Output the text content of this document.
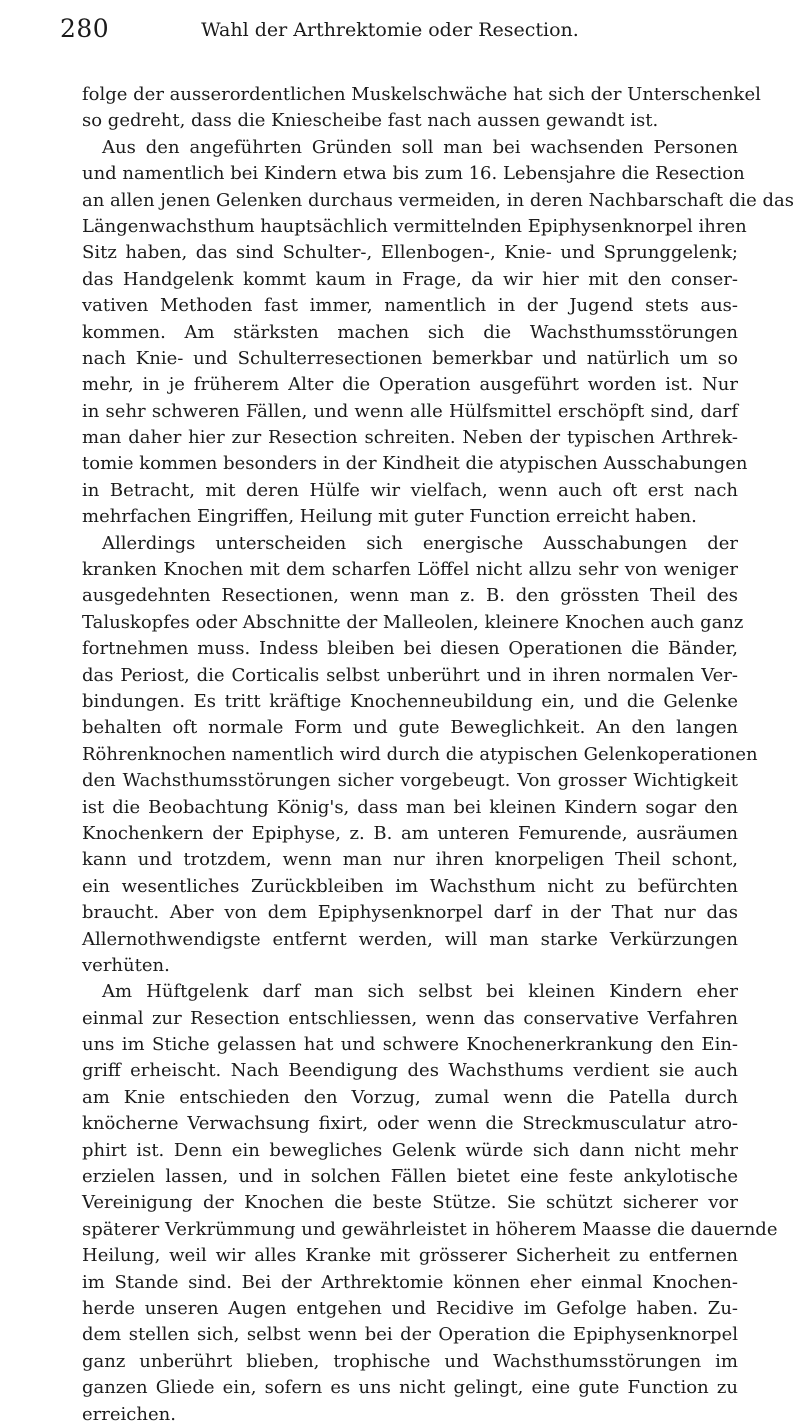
280	Wahl der Arthrektomie oder Resection.
folge der ausserordentlichen Muskelschwäche hat sich der Unterschenkel
so gedreht, dass die Kniescheibe fast nach aussen gewandt ist.
Aus den angeführten Gründen soll man bei wachsenden Personen
und namentlich bei Kindern etwa bis zum 16. Lebensjahre die Resection
an allen jenen Gelenken durchaus vermeiden, in deren Nachbarschaft die das
Längenwachsthum hauptsächlich vermittelnden Epiphysenknorpel ihren
Sitz haben, das sind Schulter-, Ellenbogen-, Knie- und Sprunggelenk;
das Handgelenk kommt kaum in Frage, da wir hier mit den conser-
vativen Methoden fast immer, namentlich in der Jugend stets aus-
kommen. Am stärksten machen sich die Wachsthumsstörungen
nach Knie- und Schulterresectionen bemerkbar und natürlich um so
mehr, in je früherem Alter die Operation ausgeführt worden ist. Nur
in sehr schweren Fällen, und wenn alle Hülfsmittel erschöpft sind, darf
man daher hier zur Resection schreiten. Neben der typischen Arthrek-
tomie kommen besonders in der Kindheit die atypischen Ausschabungen
in Betracht, mit deren Hülfe wir vielfach, wenn auch oft erst nach
mehrfachen Eingriffen, Heilung mit guter Function erreicht haben.
Allerdings unterscheiden sich energische Ausschabungen der
kranken Knochen mit dem scharfen Löffel nicht allzu sehr von weniger
ausgedehnten Resectionen, wenn man z. B. den grössten Theil des
Taluskopfes oder Abschnitte der Malleolen, kleinere Knochen auch ganz
fortnehmen muss. Indess bleiben bei diesen Operationen die Bänder,
das Periost, die Corticalis selbst unberührt und in ihren normalen Ver-
bindungen. Es tritt kräftige Knochenneubildung ein, und die Gelenke
behalten oft normale Form und gute Beweglichkeit. An den langen
Röhrenknochen namentlich wird durch die atypischen Gelenkoperationen
den Wachsthumsstörungen sicher vorgebeugt. Von grosser Wichtigkeit
ist die Beobachtung König's, dass man bei kleinen Kindern sogar den
Knochenkern der Epiphyse, z. B. am unteren Femurende, ausräumen
kann und trotzdem, wenn man nur ihren knorpeligen Theil schont,
ein wesentliches Zurückbleiben im Wachsthum nicht zu befürchten
braucht. Aber von dem Epiphysenknorpel darf in der That nur das
Allernothwendigste entfernt werden, will man starke Verkürzungen
verhüten.
Am Hüftgelenk darf man sich selbst bei kleinen Kindern eher
einmal zur Resection entschliessen, wenn das conservative Verfahren
uns im Stiche gelassen hat und schwere Knochenerkrankung den Ein-
griff erheischt. Nach Beendigung des Wachsthums verdient sie auch
am Knie entschieden den Vorzug, zumal wenn die Patella durch
knöcherne Verwachsung fixirt, oder wenn die Streckmusculatur atro-
phirt ist. Denn ein bewegliches Gelenk würde sich dann nicht mehr
erzielen lassen, und in solchen Fällen bietet eine feste ankylotische
Vereinigung der Knochen die beste Stütze. Sie schützt sicherer vor
späterer Verkrümmung und gewährleistet in höherem Maasse die dauernde
Heilung, weil wir alles Kranke mit grösserer Sicherheit zu entfernen
im Stande sind. Bei der Arthrektomie können eher einmal Knochen-
herde unseren Augen entgehen und Recidive im Gefolge haben. Zu-
dem stellen sich, selbst wenn bei der Operation die Epiphysenknorpel
ganz unberührt blieben, trophische und Wachsthumsstörungen im
ganzen Gliede ein, sofern es uns nicht gelingt, eine gute Function zu
erreichen.
